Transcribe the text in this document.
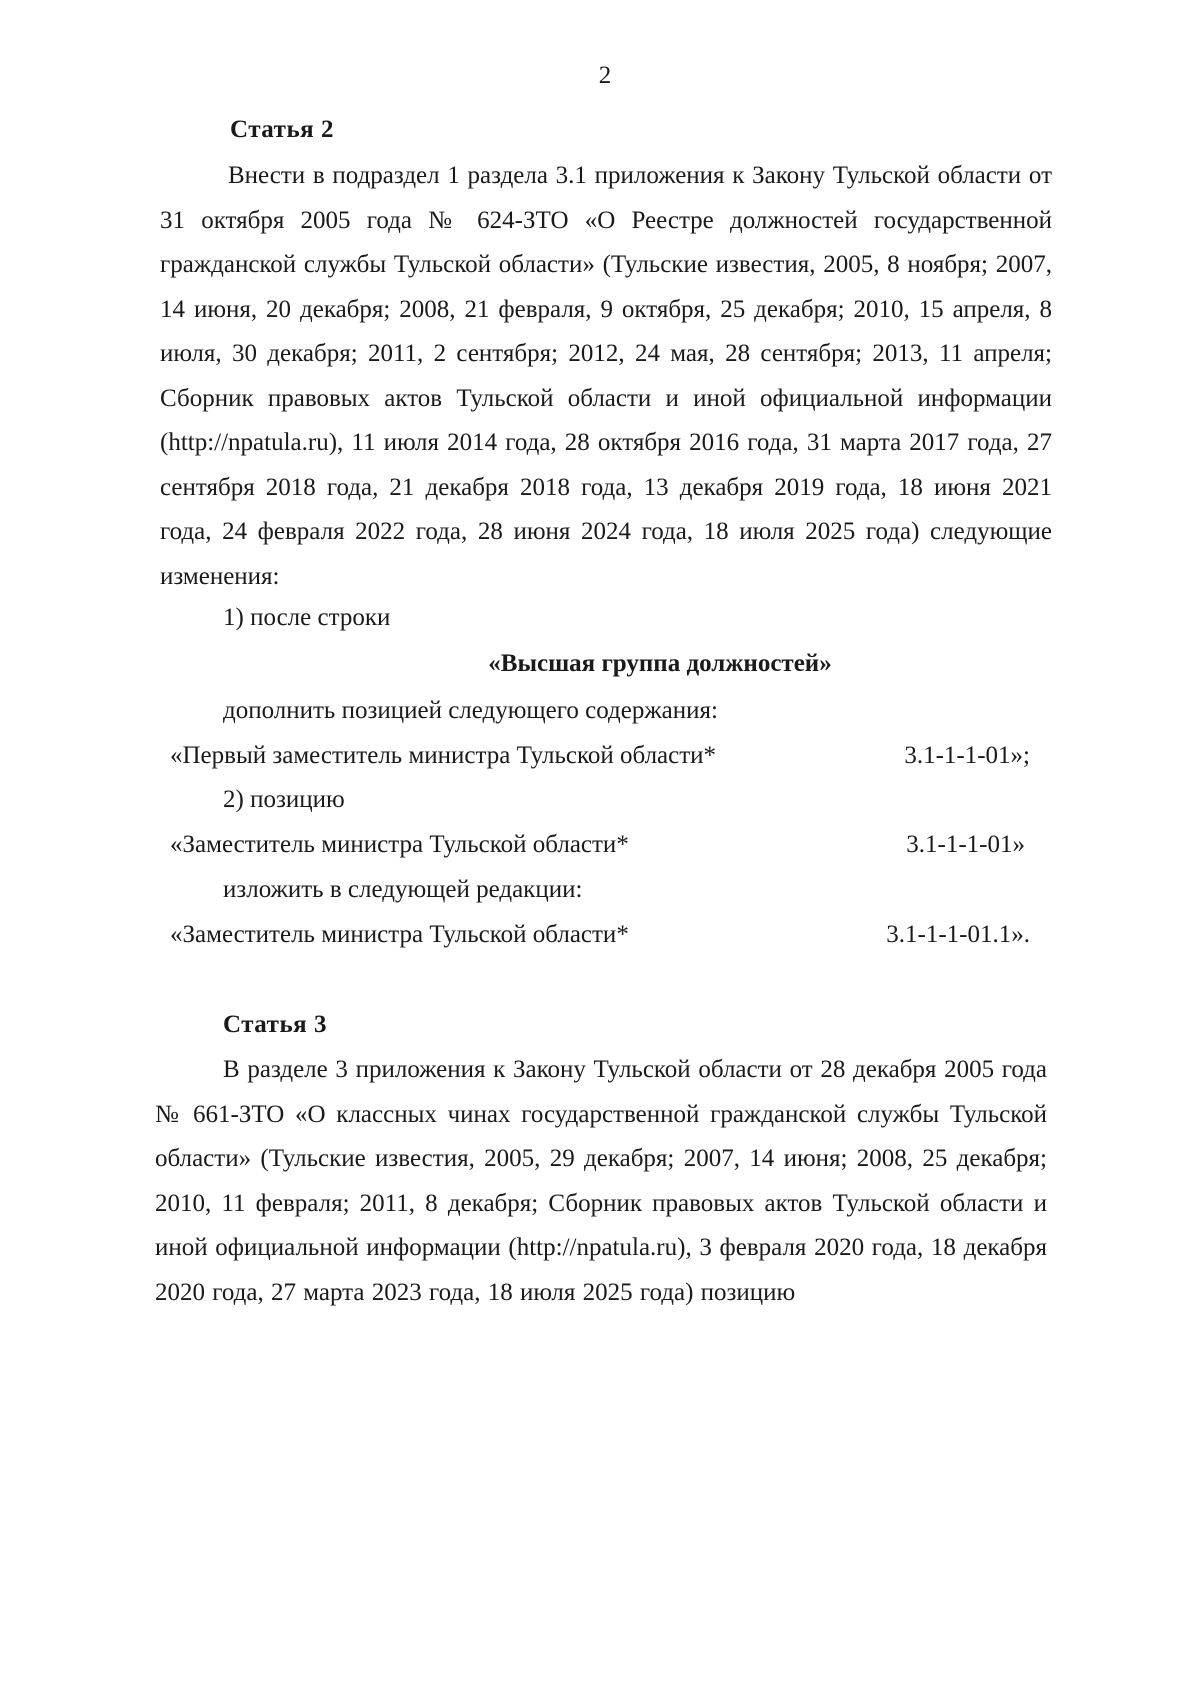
2
Статья 2
Внести в подраздел 1 раздела 3.1 приложения к Закону Тульской области от 31 октября 2005 года № 624-ЗТО «О Реестре должностей государственной гражданской службы Тульской области» (Тульские известия, 2005, 8 ноября; 2007, 14 июня, 20 декабря; 2008, 21 февраля, 9 октября, 25 декабря; 2010, 15 апреля, 8 июля, 30 декабря; 2011, 2 сентября; 2012, 24 мая, 28 сентября; 2013, 11 апреля; Сборник правовых актов Тульской области и иной официальной информации (http://npatula.ru), 11 июля 2014 года, 28 октября 2016 года, 31 марта 2017 года, 27 сентября 2018 года, 21 декабря 2018 года, 13 декабря 2019 года, 18 июня 2021 года, 24 февраля 2022 года, 28 июня 2024 года, 18 июля 2025 года) следующие изменения:
1) после строки
«Высшая группа должностей»
дополнить позицией следующего содержания:
«Первый заместитель министра Тульской области*	3.1-1-1-01»;
2) позицию
«Заместитель министра Тульской области*	3.1-1-1-01»
изложить в следующей редакции:
«Заместитель министра Тульской области*	3.1-1-1-01.1».
Статья 3
В разделе 3 приложения к Закону Тульской области от 28 декабря 2005 года № 661-ЗТО «О классных чинах государственной гражданской службы Тульской области» (Тульские известия, 2005, 29 декабря; 2007, 14 июня; 2008, 25 декабря; 2010, 11 февраля; 2011, 8 декабря; Сборник правовых актов Тульской области и иной официальной информации (http://npatula.ru), 3 февраля 2020 года, 18 декабря 2020 года, 27 марта 2023 года, 18 июля 2025 года) позицию
